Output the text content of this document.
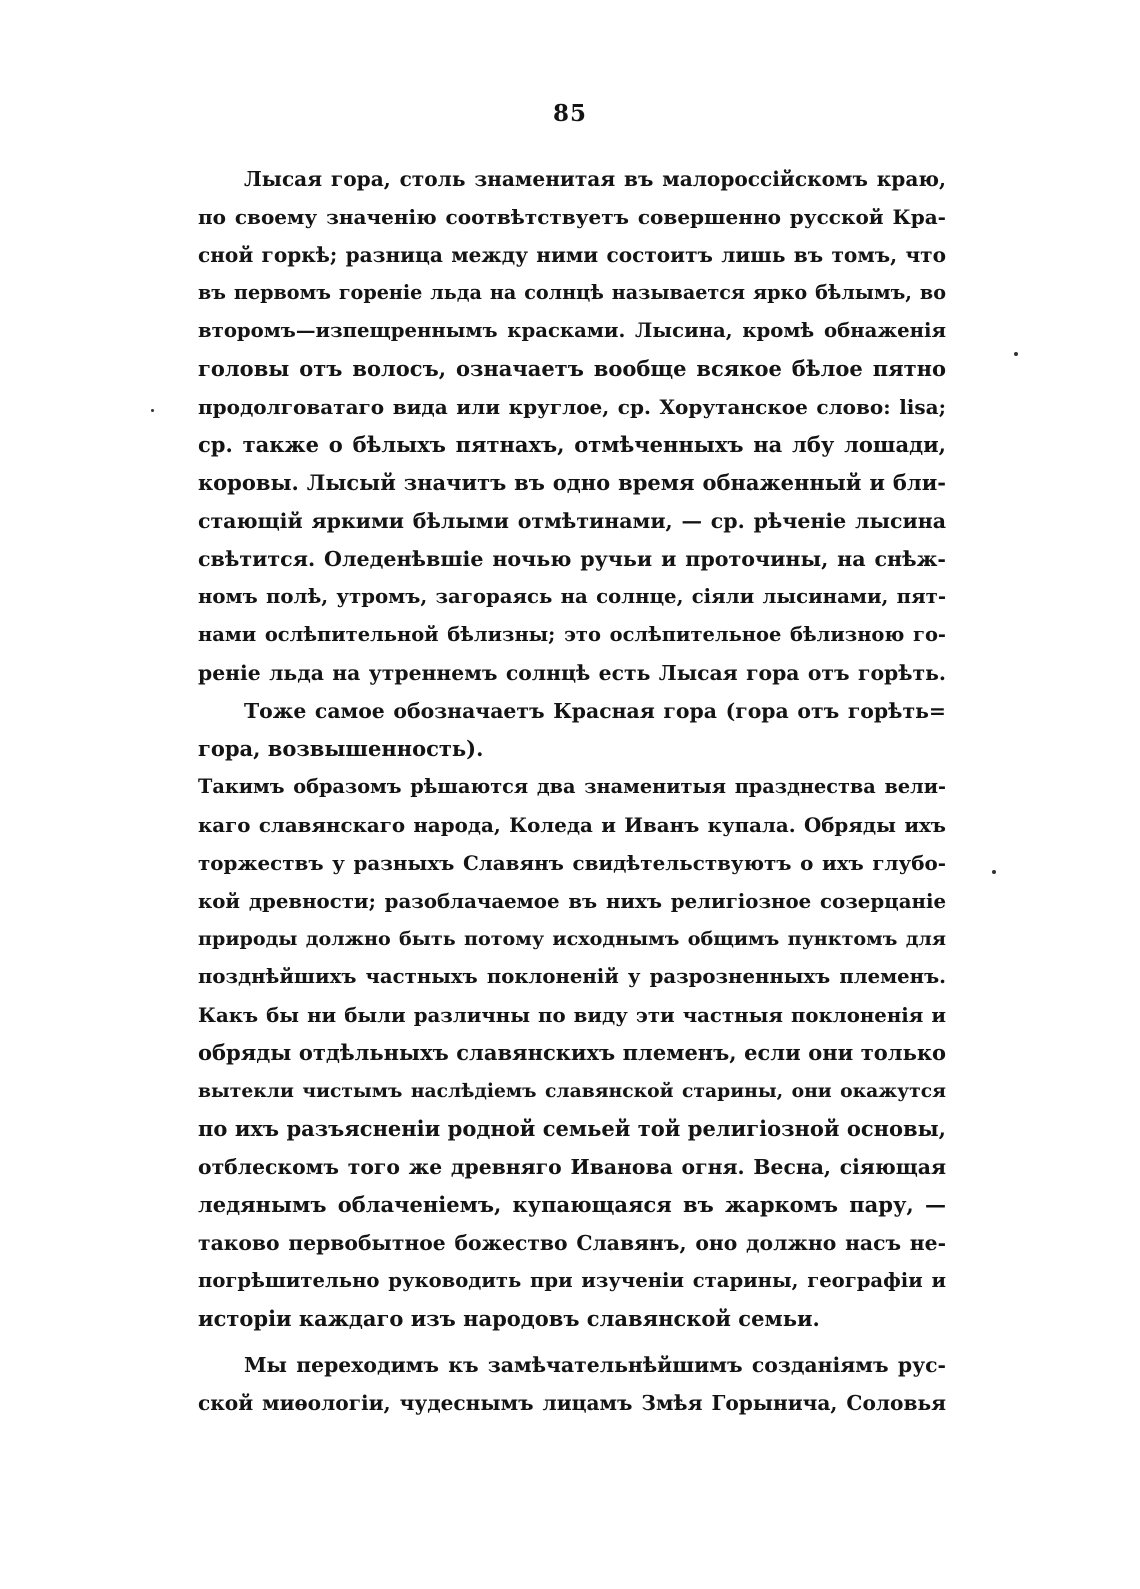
85
Лысая гора, столь знаменитая въ малороссійскомъ краю,
по своему значенію соотвѣтствуетъ совершенно русской Кра-
сной горкѣ; разница между ними состоитъ лишь въ томъ, что
въ первомъ гореніе льда на солнцѣ называется ярко бѣлымъ, во
второмъ—изпещреннымъ красками. Лысина, кромѣ обнаженія
головы отъ волосъ, означаетъ вообще всякое бѣлое пятно
продолговатаго вида или круглое, ср. Хорутанское слово: lisa;
ср. также о бѣлыхъ пятнахъ, отмѣченныхъ на лбу лошади,
коровы. Лысый значитъ въ одно время обнаженный и бли-
стающій яркими бѣлыми отмѣтинами, — ср. рѣченіе лысина
свѣтится. Оледенѣвшіе ночью ручьи и проточины, на снѣж-
номъ полѣ, утромъ, загораясь на солнце, сіяли лысинами, пят-
нами ослѣпительной бѣлизны; это ослѣпительное бѣлизною го-
реніе льда на утреннемъ солнцѣ есть Лысая гора отъ горѣть.
Тоже самое обозначаетъ Красная гора (гора отъ горѣть=
гора, возвышенность).
Такимъ образомъ рѣшаются два знаменитыя празднества вели-
каго славянскаго народа, Коледа и Иванъ купала. Обряды ихъ
торжествъ у разныхъ Славянъ свидѣтельствуютъ о ихъ глубо-
кой древности; разоблачаемое въ нихъ религіозное созерцаніе
природы должно быть потому исходнымъ общимъ пунктомъ для
позднѣйшихъ частныхъ поклоненій у разрозненныхъ племенъ.
Какъ бы ни были различны по виду эти частныя поклоненія и
обряды отдѣльныхъ славянскихъ племенъ, если они только
вытекли чистымъ наслѣдіемъ славянской старины, они окажутся
по ихъ разъясненіи родной семьей той религіозной основы,
отблескомъ того же древняго Иванова огня. Весна, сіяющая
ледянымъ облаченіемъ, купающаяся въ жаркомъ пару, —
таково первобытное божество Славянъ, оно должно насъ не-
погрѣшительно руководить при изученіи старины, географіи и
исторіи каждаго изъ народовъ славянской семьи.
Мы переходимъ къ замѣчательнѣйшимъ созданіямъ рус-
ской миѳологіи, чудеснымъ лицамъ Змѣя Горынича, Соловья
